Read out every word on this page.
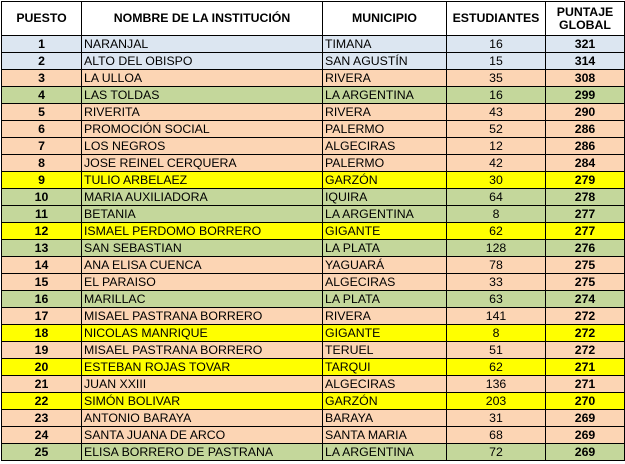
PUESTO	NOMBRE DE LA INSTITUCIÓN	MUNICIPIO	ESTUDIANTES	PUNTAJE
GLOBAL
1	NARANJAL	TIMANA	16	321
2	ALTO DEL OBISPO	SAN AGUSTÍN	15	314
3	LA ULLOA	RIVERA	35	308
4	LAS TOLDAS	LA ARGENTINA	16	299
5	RIVERITA	RIVERA	43	290
6	PROMOCIÓN SOCIAL	PALERMO	52	286
7	LOS NEGROS	ALGECIRAS	12	286
8	JOSE REINEL CERQUERA	PALERMO	42	284
9	TULIO ARBELAEZ	GARZÓN	30	279
10	MARIA AUXILIADORA	IQUIRA	64	278
11	BETANIA	LA ARGENTINA	8	277
12	ISMAEL PERDOMO BORRERO	GIGANTE	62	277
13	SAN SEBASTIAN	LA PLATA	128	276
14	ANA ELISA CUENCA	YAGUARÁ	78	275
15	EL PARAISO	ALGECIRAS	33	275
16	MARILLAC	LA PLATA	63	274
17	MISAEL PASTRANA BORRERO	RIVERA	141	272
18	NICOLAS MANRIQUE	GIGANTE	8	272
19	MISAEL PASTRANA BORRERO	TERUEL	51	272
20	ESTEBAN ROJAS TOVAR	TARQUI	62	271
21	JUAN XXIII	ALGECIRAS	136	271
22	SIMÓN BOLIVAR	GARZÓN	203	270
23	ANTONIO BARAYA	BARAYA	31	269
24	SANTA JUANA DE ARCO	SANTA MARIA	68	269
25	ELISA BORRERO DE PASTRANA	LA ARGENTINA	72	269
